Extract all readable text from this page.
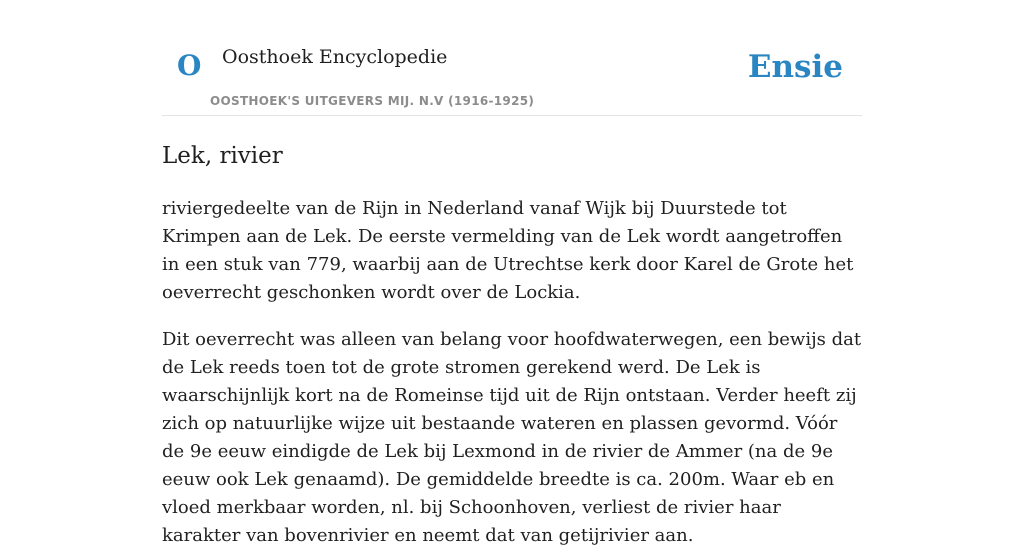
O Oosthoek Encyclopedie
OOSTHOEK'S UITGEVERS MIJ. N.V (1916-1925)
Ensie
Lek, rivier

riviergedeelte van de Rijn in Nederland vanaf Wijk bij Duurstede tot Krimpen aan de Lek. De eerste vermelding van de Lek wordt aangetroffen in een stuk van 779, waarbij aan de Utrechtse kerk door Karel de Grote het oeverrecht geschonken wordt over de Lockia.

Dit oeverrecht was alleen van belang voor hoofdwaterwegen, een bewijs dat de Lek reeds toen tot de grote stromen gerekend werd. De Lek is waarschijnlijk kort na de Romeinse tijd uit de Rijn ontstaan. Verder heeft zij zich op natuurlijke wijze uit bestaande wateren en plassen gevormd. Vóór de 9e eeuw eindigde de Lek bij Lexmond in de rivier de Ammer (na de 9e eeuw ook Lek genaamd). De gemiddelde breedte is ca. 200m. Waar eb en vloed merkbaar worden, nl. bij Schoonhoven, verliest de rivier haar karakter van bovenrivier en neemt dat van getijrivier aan.
